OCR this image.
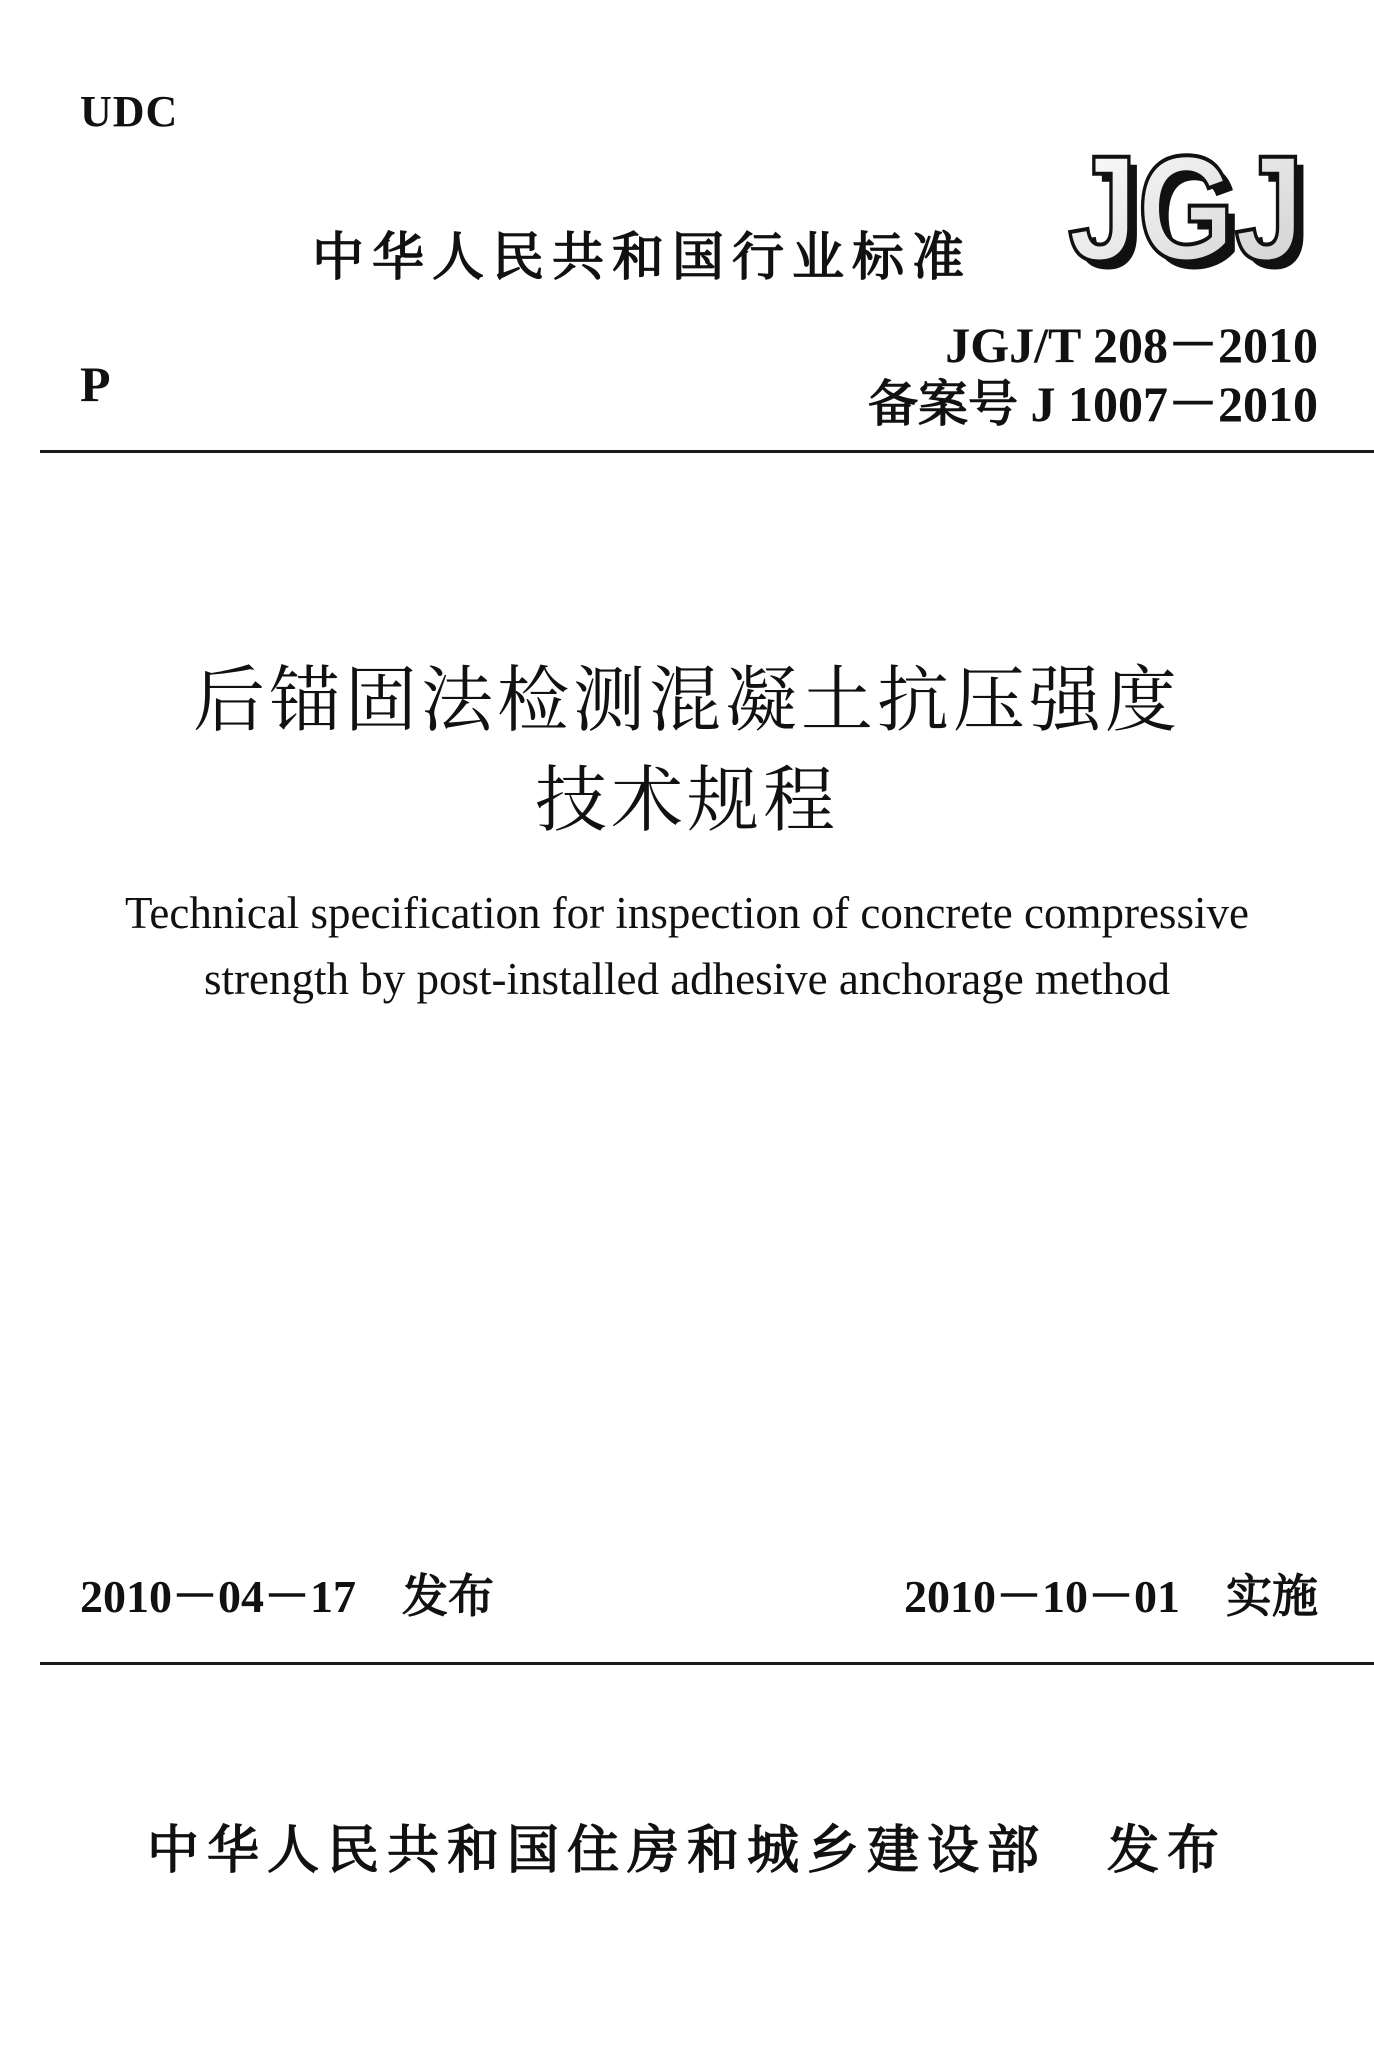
UDC
中华人民共和国行业标准 JGJ
JGJ
JGJ/T 208－2010
P	备案号 J 1007－2010
后锚固法检测混凝土抗压强度
技术规程
Technical specification for inspection of concrete compressive
strength by post-installed adhesive anchorage method
2010－04－17　发布	2010－10－01　实施
中华人民共和国住房和城乡建设部 发布
